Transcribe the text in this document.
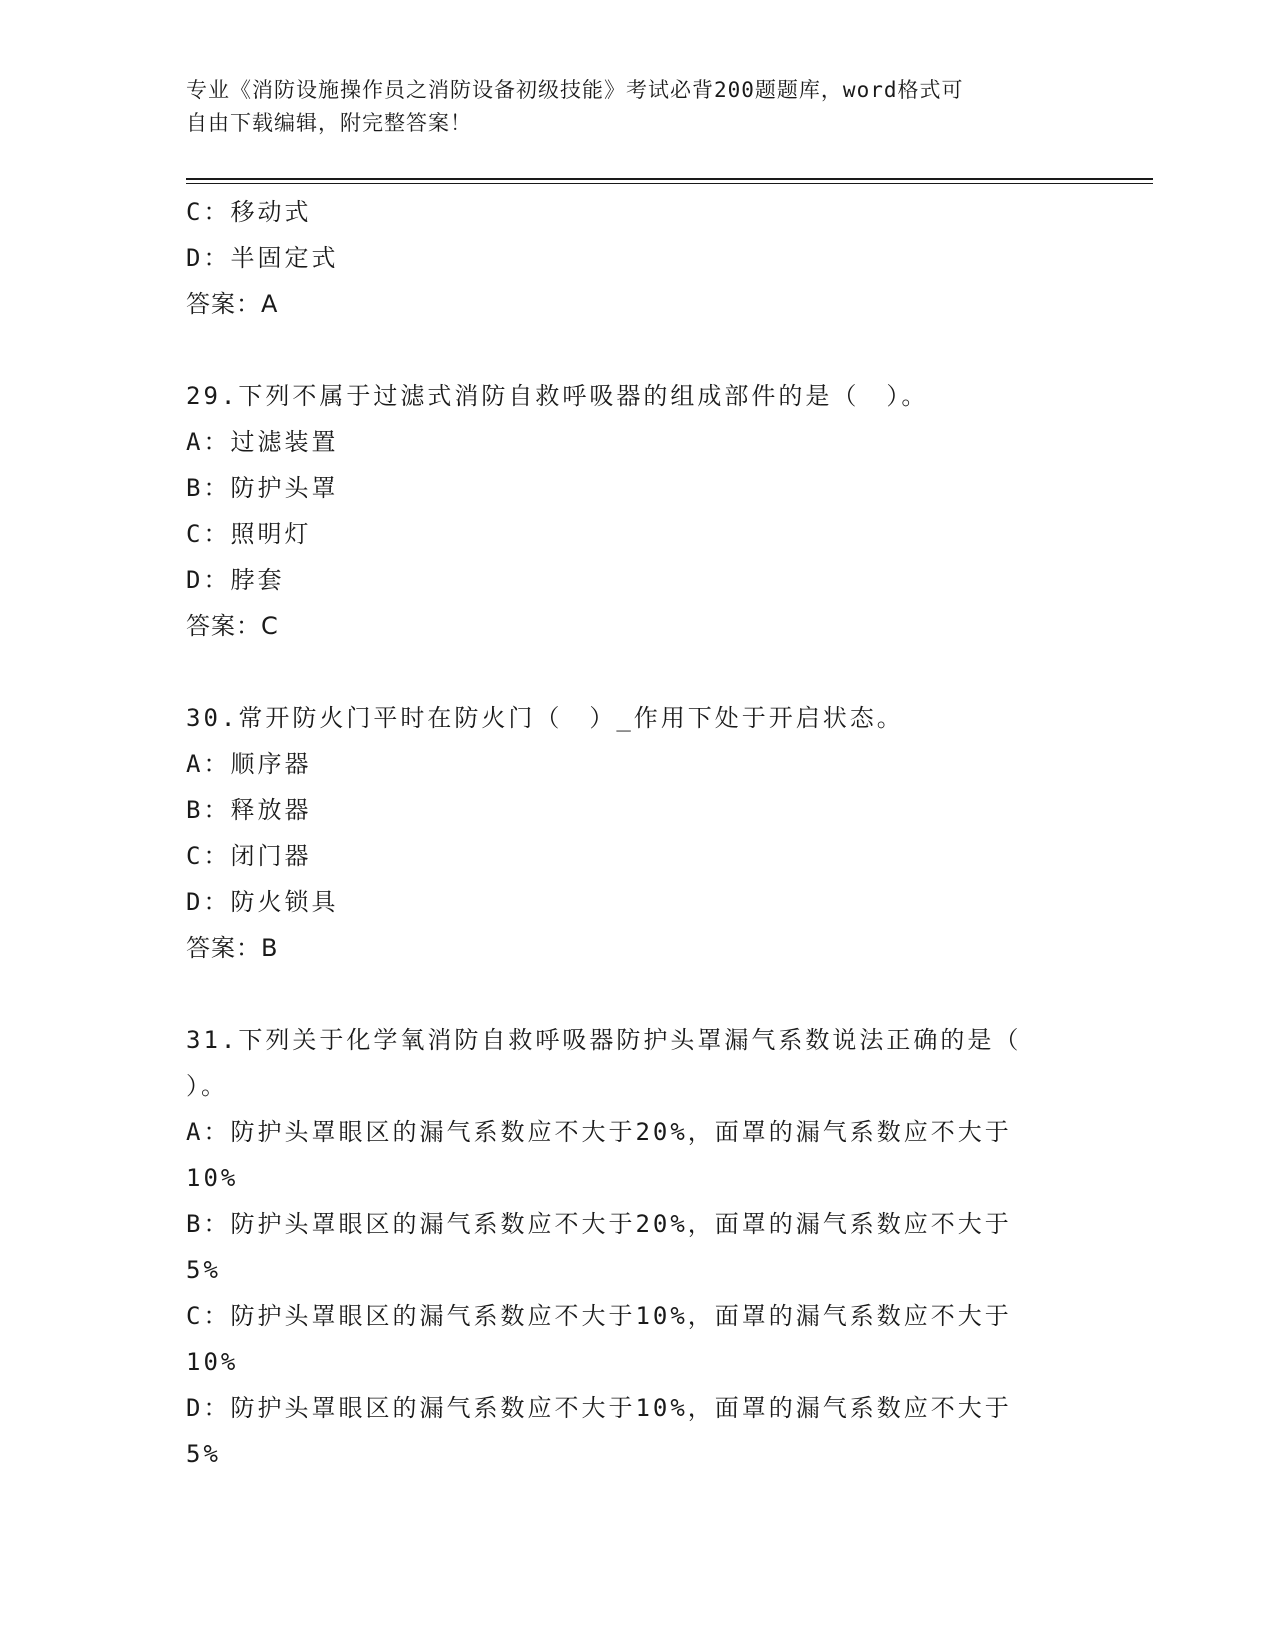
专业《消防设施操作员之消防设备初级技能》考试必背200题题库，word格式可
自由下载编辑，附完整答案！
C：移动式
D：半固定式
答案：A
29.下列不属于过滤式消防自救呼吸器的组成部件的是（　）。
A：过滤装置
B：防护头罩
C：照明灯
D：脖套
答案：C
30.常开防火门平时在防火门（　）_作用下处于开启状态。
A：顺序器
B：释放器
C：闭门器
D：防火锁具
答案：B
31.下列关于化学氧消防自救呼吸器防护头罩漏气系数说法正确的是（
）。
A：防护头罩眼区的漏气系数应不大于20%，面罩的漏气系数应不大于
10%
B：防护头罩眼区的漏气系数应不大于20%，面罩的漏气系数应不大于
5%
C：防护头罩眼区的漏气系数应不大于10%，面罩的漏气系数应不大于
10%
D：防护头罩眼区的漏气系数应不大于10%，面罩的漏气系数应不大于
5%
